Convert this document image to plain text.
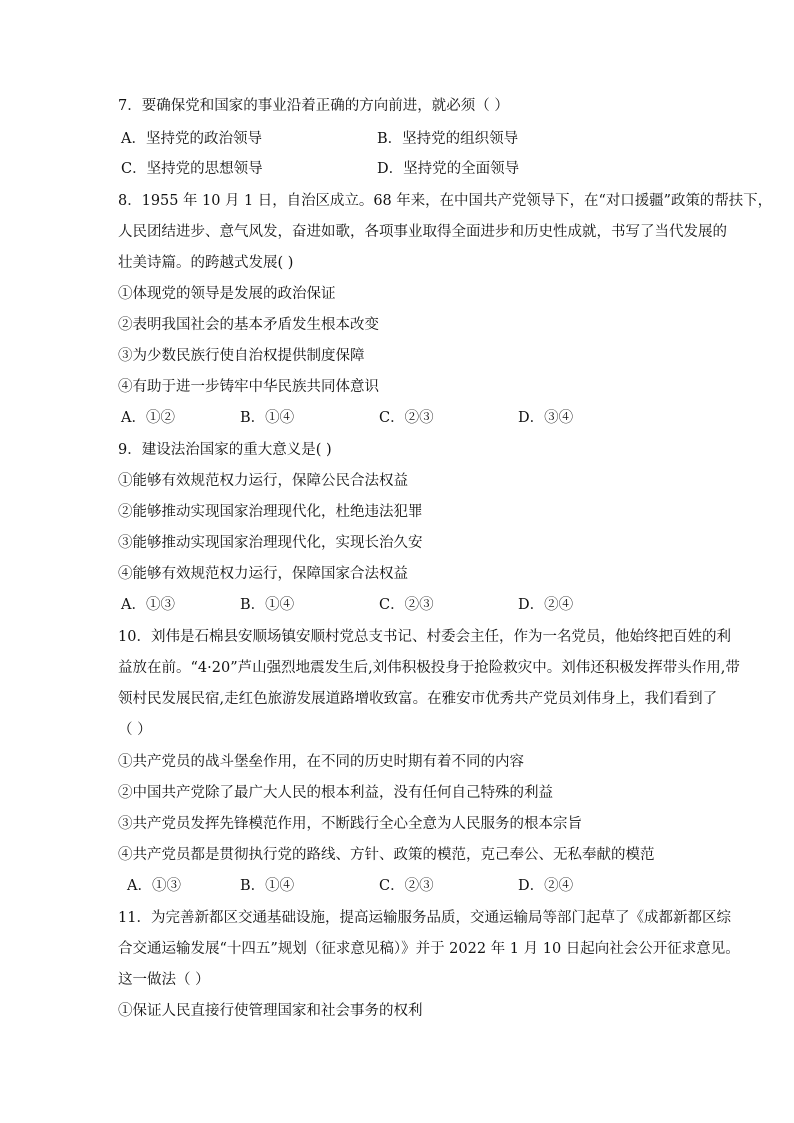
7．要确保党和国家的事业沿着正确的方向前进，就必须（ ）
A．坚持党的政治领导	B．坚持党的组织领导
C．坚持党的思想领导	D．坚持党的全面领导
8．1955 年 10 月 1 日，自治区成立。68 年来，在中国共产党领导下，在“对口援疆”政策的帮扶下，
人民团结进步、意气风发，奋进如歌，各项事业取得全面进步和历史性成就，书写了当代发展的
壮美诗篇。的跨越式发展( )
①体现党的领导是发展的政治保证
②表明我国社会的基本矛盾发生根本改变
③为少数民族行使自治权提供制度保障
④有助于进一步铸牢中华民族共同体意识
A．①②	B．①④	C．②③	D．③④
9．建设法治国家的重大意义是( )
①能够有效规范权力运行，保障公民合法权益
②能够推动实现国家治理现代化，杜绝违法犯罪
③能够推动实现国家治理现代化，实现长治久安
④能够有效规范权力运行，保障国家合法权益
A．①③	B．①④	C．②③	D．②④
10．刘伟是石棉县安顺场镇安顺村党总支书记、村委会主任，作为一名党员，他始终把百姓的利
益放在前。“4·20”芦山强烈地震发生后,刘伟积极投身于抢险救灾中。刘伟还积极发挥带头作用,带
领村民发展民宿,走红色旅游发展道路增收致富。在雅安市优秀共产党员刘伟身上，我们看到了
（ ）
①共产党员的战斗堡垒作用，在不同的历史时期有着不同的内容
②中国共产党除了最广大人民的根本利益，没有任何自己特殊的利益
③共产党员发挥先锋模范作用，不断践行全心全意为人民服务的根本宗旨
④共产党员都是贯彻执行党的路线、方针、政策的模范，克己奉公、无私奉献的模范
A．①③	B．①④	C．②③	D．②④
11．为完善新都区交通基础设施，提高运输服务品质，交通运输局等部门起草了《成都新都区综
合交通运输发展“十四五”规划（征求意见稿）》并于 2022 年 1 月 10 日起向社会公开征求意见。
这一做法（ ）
①保证人民直接行使管理国家和社会事务的权利
